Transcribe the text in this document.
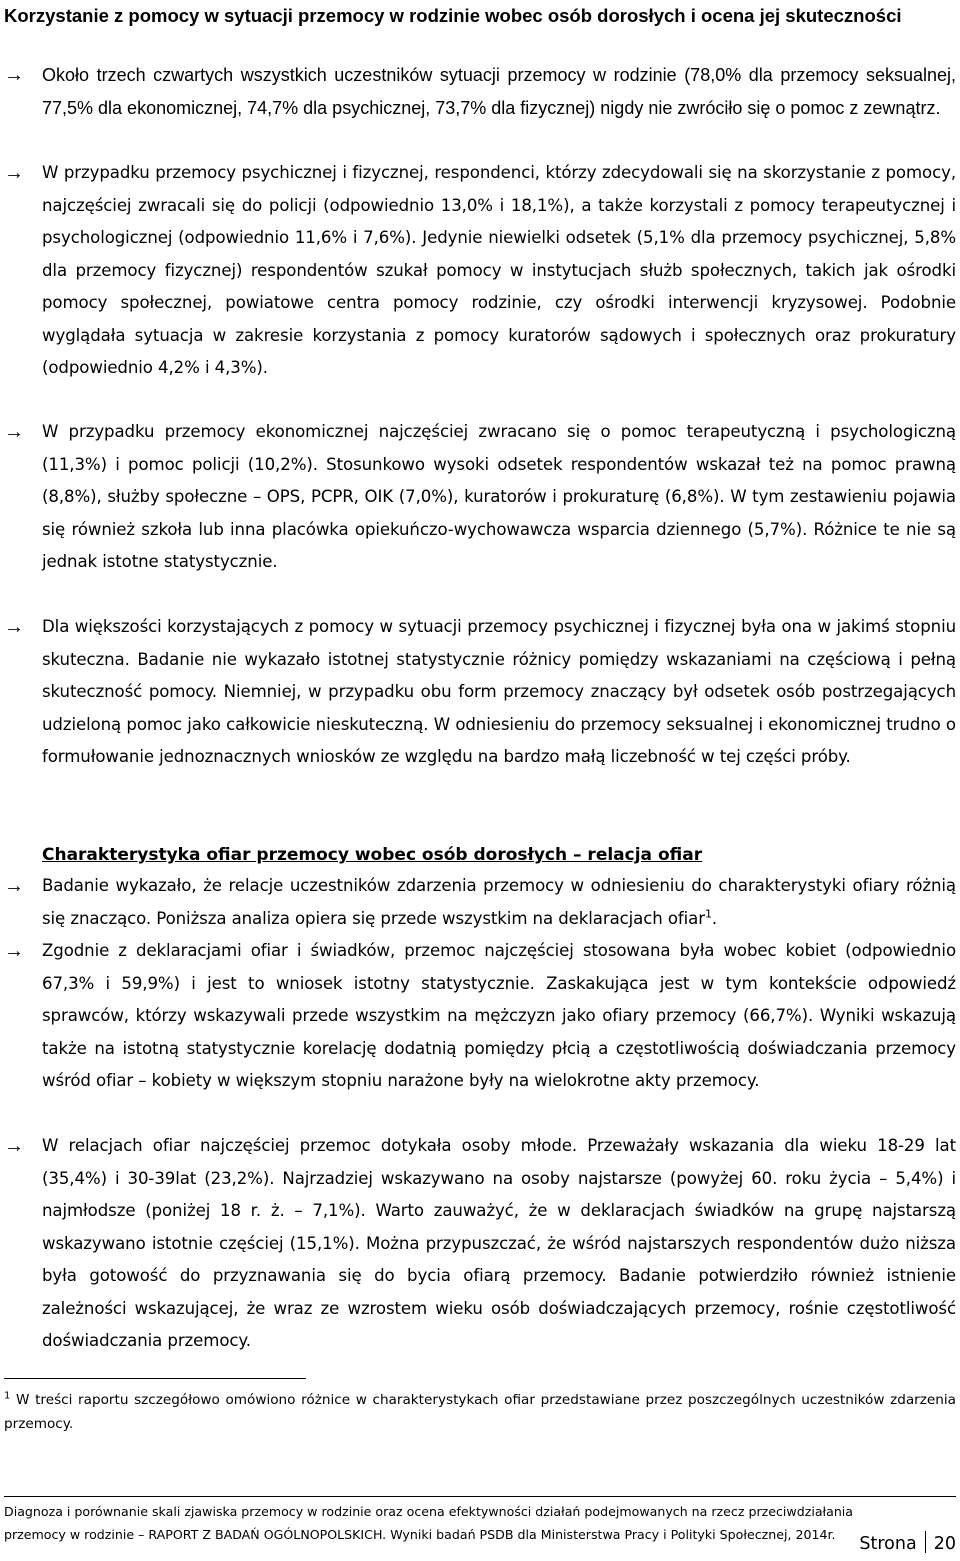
Korzystanie z pomocy w sytuacji przemocy w rodzinie wobec osób dorosłych i ocena jej skuteczności
→	Około trzech czwartych wszystkich uczestników sytuacji przemocy w rodzinie (78,0% dla przemocy seksualnej, 77,5% dla ekonomicznej, 74,7% dla psychicznej, 73,7% dla fizycznej) nigdy nie zwróciło się o pomoc z zewnątrz.
→	W przypadku przemocy psychicznej i fizycznej, respondenci, którzy zdecydowali się na skorzystanie z pomocy, najczęściej zwracali się do policji (odpowiednio 13,0% i 18,1%), a także korzystali z pomocy terapeutycznej i psychologicznej (odpowiednio 11,6% i 7,6%). Jedynie niewielki odsetek (5,1% dla przemocy psychicznej, 5,8% dla przemocy fizycznej) respondentów szukał pomocy w instytucjach służb społecznych, takich jak ośrodki pomocy społecznej, powiatowe centra pomocy rodzinie, czy ośrodki interwencji kryzysowej. Podobnie wyglądała sytuacja w zakresie korzystania z pomocy kuratorów sądowych i społecznych oraz prokuratury (odpowiednio 4,2% i 4,3%).
→	W przypadku przemocy ekonomicznej najczęściej zwracano się o pomoc terapeutyczną i psychologiczną (11,3%) i pomoc policji (10,2%). Stosunkowo wysoki odsetek respondentów wskazał też na pomoc prawną (8,8%), służby społeczne – OPS, PCPR, OIK (7,0%), kuratorów i prokuraturę (6,8%). W tym zestawieniu pojawia się również szkoła lub inna placówka opiekuńczo-wychowawcza wsparcia dziennego (5,7%). Różnice te nie są jednak istotne statystycznie.
→	Dla większości korzystających z pomocy w sytuacji przemocy psychicznej i fizycznej była ona w jakimś stopniu skuteczna. Badanie nie wykazało istotnej statystycznie różnicy pomiędzy wskazaniami na częściową i pełną skuteczność pomocy. Niemniej, w przypadku obu form przemocy znaczący był odsetek osób postrzegających udzieloną pomoc jako całkowicie nieskuteczną. W odniesieniu do przemocy seksualnej i ekonomicznej trudno o formułowanie jednoznacznych wniosków ze względu na bardzo małą liczebność w tej części próby.
Charakterystyka ofiar przemocy wobec osób dorosłych – relacja ofiar
→	Badanie wykazało, że relacje uczestników zdarzenia przemocy w odniesieniu do charakterystyki ofiary różnią się znacząco. Poniższa analiza opiera się przede wszystkim na deklaracjach ofiar$^1$.
→	Zgodnie z deklaracjami ofiar i świadków, przemoc najczęściej stosowana była wobec kobiet (odpowiednio 67,3% i 59,9%) i jest to wniosek istotny statystycznie. Zaskakująca jest w tym kontekście odpowiedź sprawców, którzy wskazywali przede wszystkim na mężczyzn jako ofiary przemocy (66,7%). Wyniki wskazują także na istotną statystycznie korelację dodatnią pomiędzy płcią a częstotliwością doświadczania przemocy wśród ofiar – kobiety w większym stopniu narażone były na wielokrotne akty przemocy.
→	W relacjach ofiar najczęściej przemoc dotykała osoby młode. Przeważały wskazania dla wieku 18-29 lat (35,4%) i 30-39lat (23,2%). Najrzadziej wskazywano na osoby najstarsze (powyżej 60. roku życia – 5,4%) i najmłodsze (poniżej 18 r. ż. – 7,1%). Warto zauważyć, że w deklaracjach świadków na grupę najstarszą wskazywano istotnie częściej (15,1%). Można przypuszczać, że wśród najstarszych respondentów dużo niższa była gotowość do przyznawania się do bycia ofiarą przemocy. Badanie potwierdziło również istnienie zależności wskazującej, że wraz ze wzrostem wieku osób doświadczających przemocy, rośnie częstotliwość doświadczania przemocy.
$^1$ W treści raportu szczegółowo omówiono różnice w charakterystykach ofiar przedstawiane przez poszczególnych uczestników zdarzenia przemocy.
Diagnoza i porównanie skali zjawiska przemocy w rodzinie oraz ocena efektywności działań podejmowanych na rzecz przeciwdziałania
przemocy w rodzinie – RAPORT Z BADAŃ OGÓLNOPOLSKICH. Wyniki badań PSDB dla Ministerstwa Pracy i Polityki Społecznej, 2014r.	Strona 20
